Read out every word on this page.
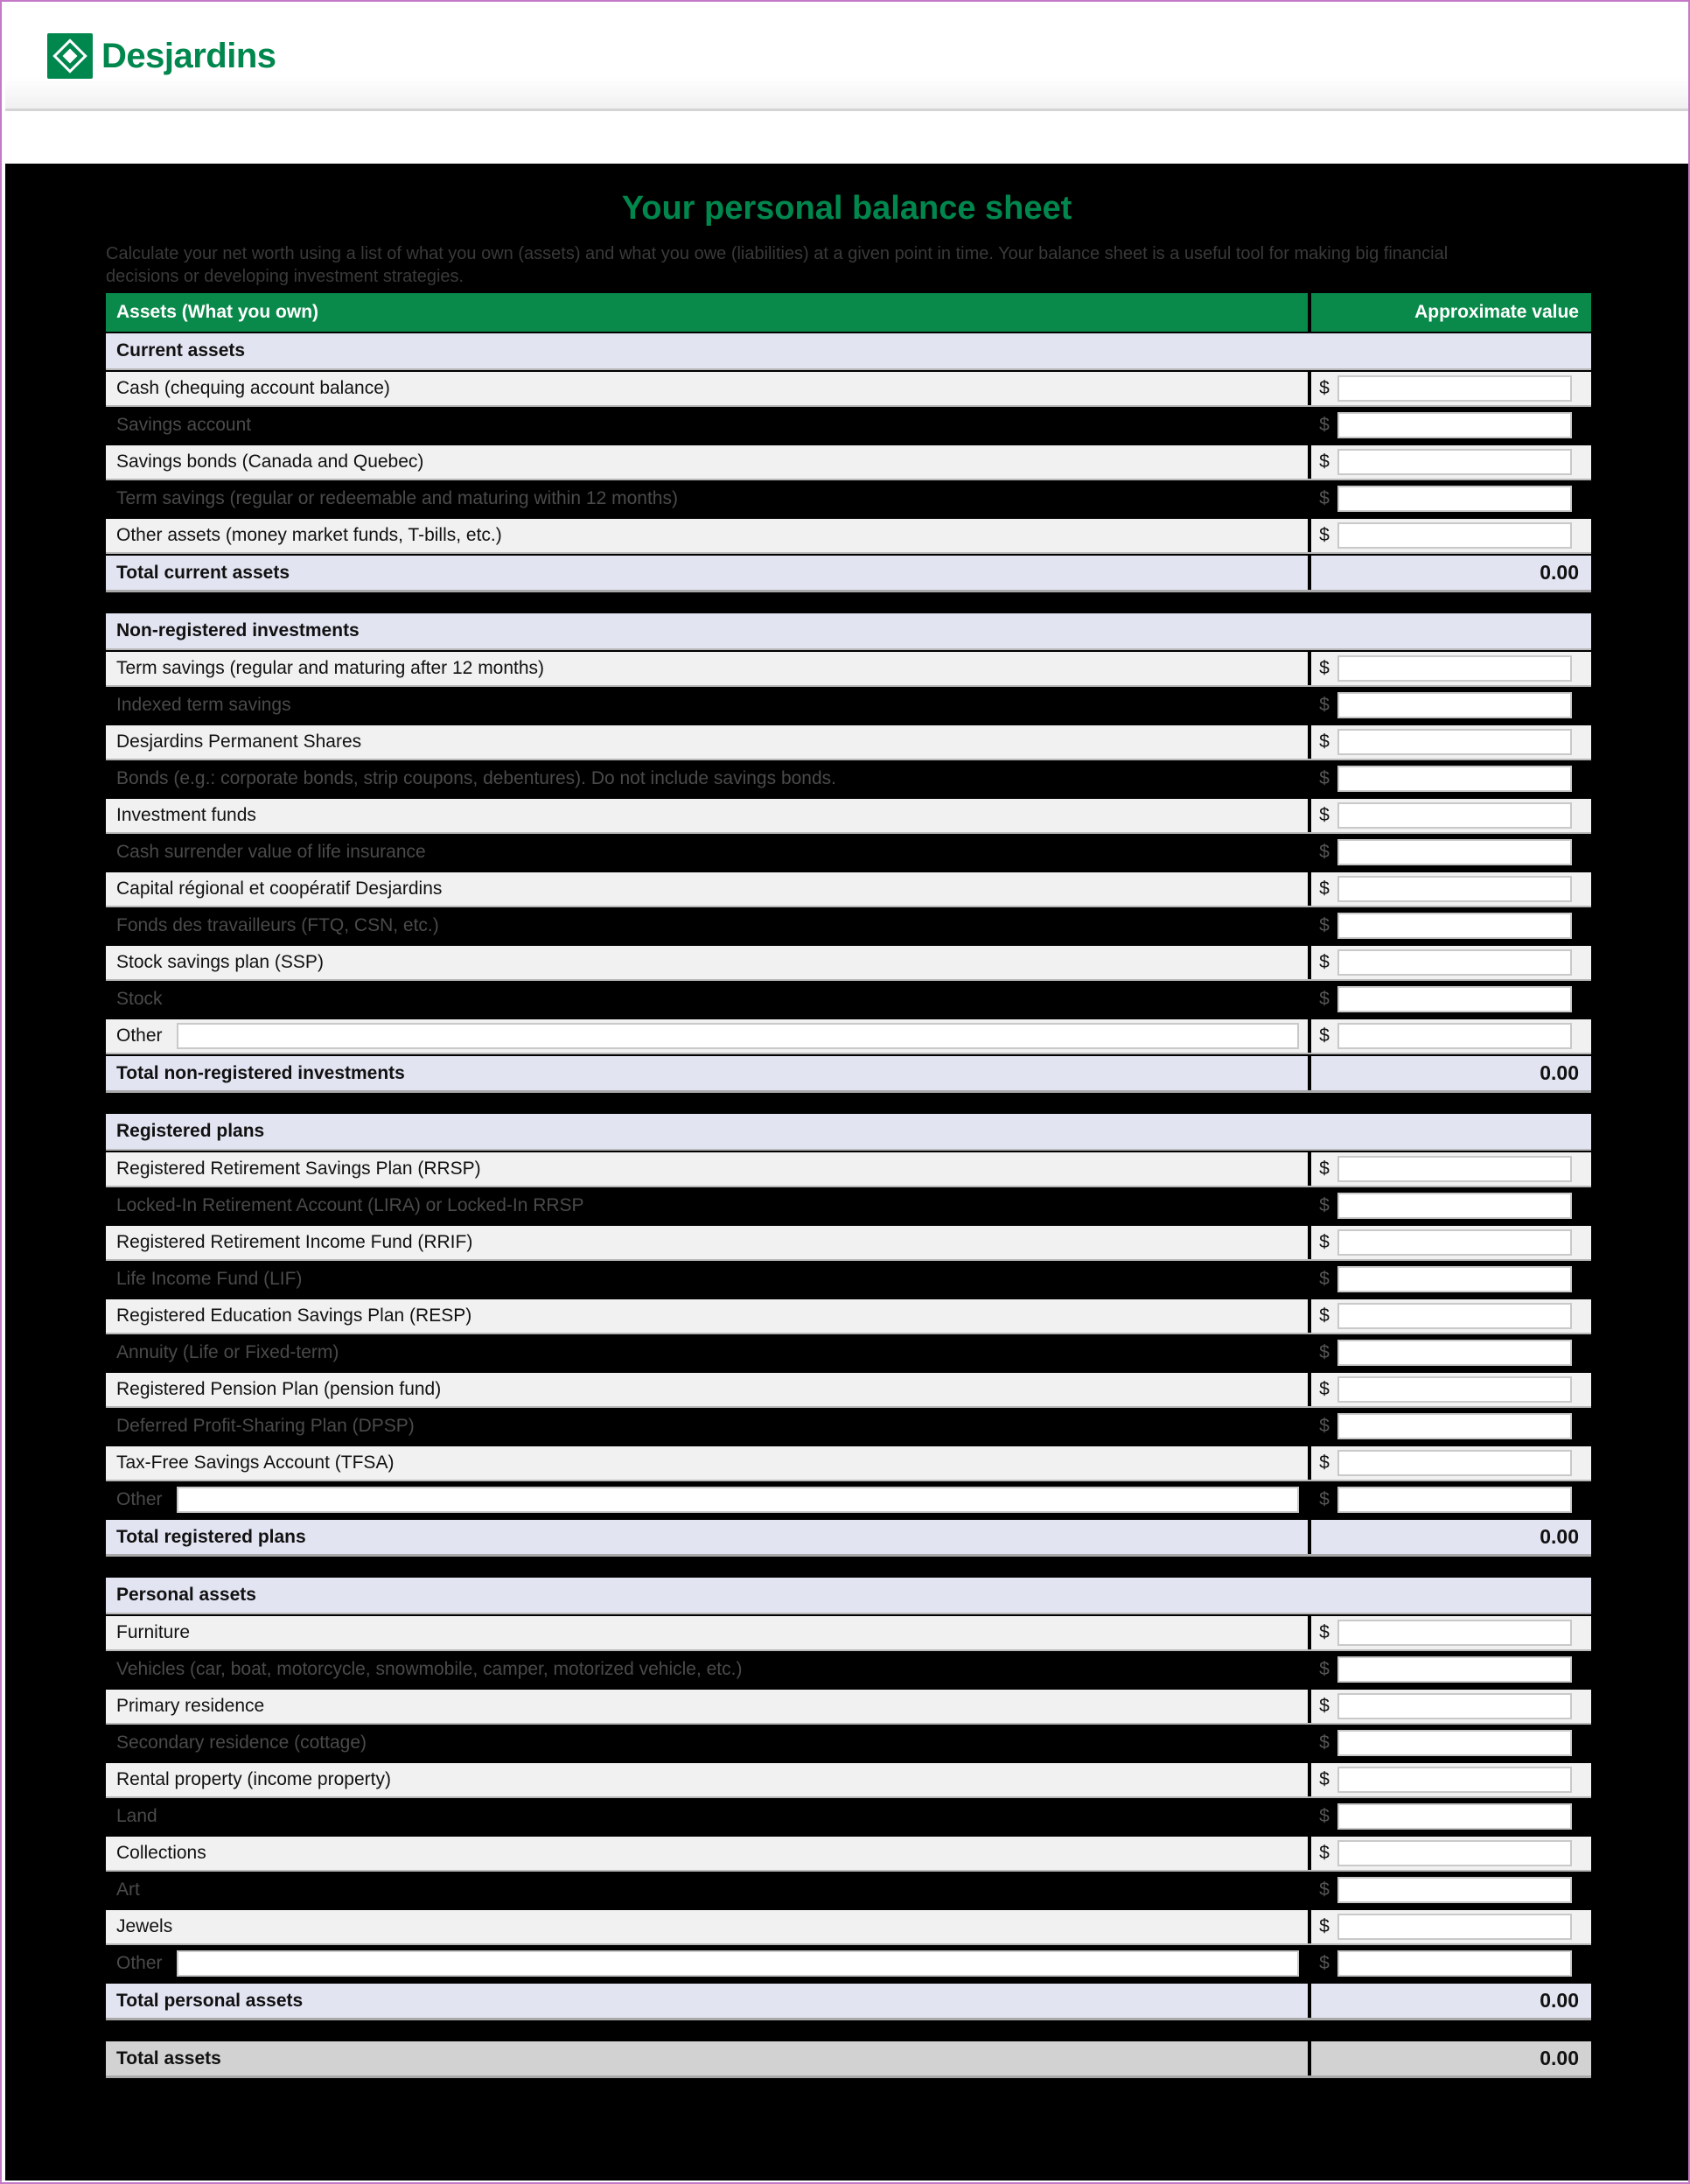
Desjardins
Your personal balance sheet
Calculate your net worth using a list of what you own (assets) and what you owe (liabilities) at a given point in time. Your balance sheet is a useful tool for making big financial decisions or developing investment strategies.
Assets (What you own)	Approximate value
Current assets
Cash (chequing account balance)	$
Savings account	$
Savings bonds (Canada and Quebec)	$
Term savings (regular or redeemable and maturing within 12 months)	$
Other assets (money market funds, T-bills, etc.)	$
Total current assets	0.00
Non-registered investments
Term savings (regular and maturing after 12 months)	$
Indexed term savings	$
Desjardins Permanent Shares	$
Bonds (e.g.: corporate bonds, strip coupons, debentures). Do not include savings bonds.	$
Investment funds	$
Cash surrender value of life insurance	$
Capital régional et coopératif Desjardins	$
Fonds des travailleurs (FTQ, CSN, etc.)	$
Stock savings plan (SSP)	$
Stock	$
Other	$
Total non-registered investments	0.00
Registered plans
Registered Retirement Savings Plan (RRSP)	$
Locked-In Retirement Account (LIRA) or Locked-In RRSP	$
Registered Retirement Income Fund (RRIF)	$
Life Income Fund (LIF)	$
Registered Education Savings Plan (RESP)	$
Annuity (Life or Fixed-term)	$
Registered Pension Plan (pension fund)	$
Deferred Profit-Sharing Plan (DPSP)	$
Tax-Free Savings Account (TFSA)	$
Other	$
Total registered plans	0.00
Personal assets
Furniture	$
Vehicles (car, boat, motorcycle, snowmobile, camper, motorized vehicle, etc.)	$
Primary residence	$
Secondary residence (cottage)	$
Rental property (income property)	$
Land	$
Collections	$
Art	$
Jewels	$
Other	$
Total personal assets	0.00
Total assets	0.00
